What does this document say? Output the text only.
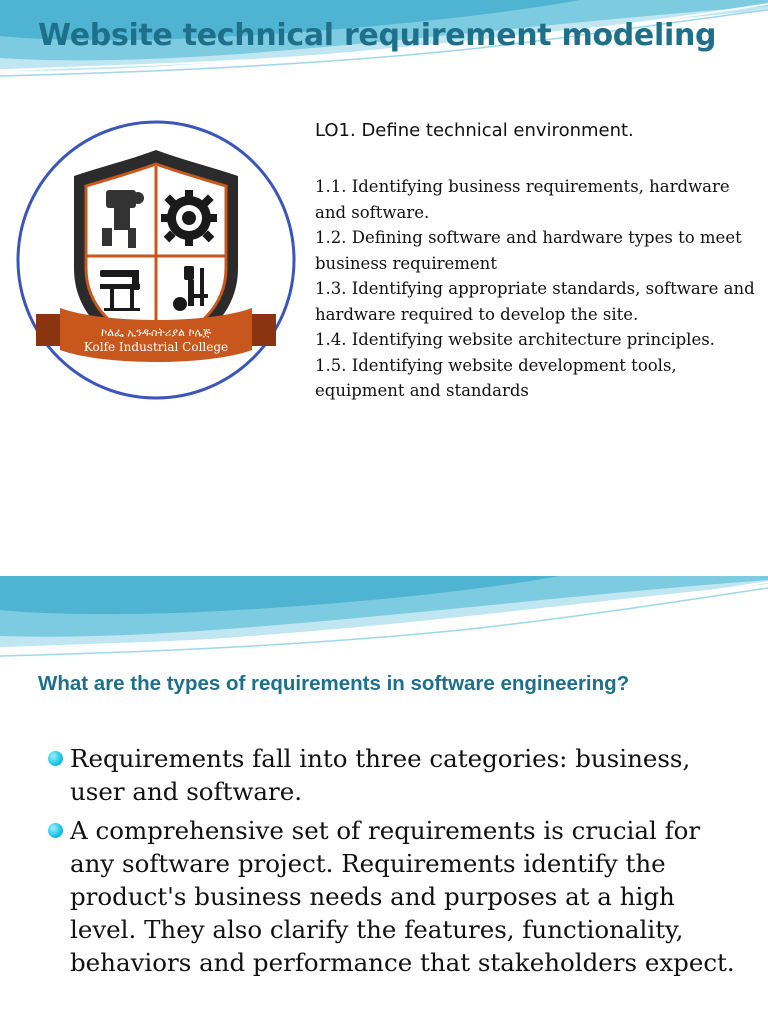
Website technical requirement modeling
ኮልፌ ኢንዱስትሪያል ኮሌጅ
Kolfe Industrial College
LO1. Define technical environment.
1.1. Identifying business requirements, hardware and software.
1.2. Defining software and hardware types to meet business requirement
1.3. Identifying appropriate standards, software and hardware required to develop the site.
1.4. Identifying website architecture principles.
1.5. Identifying website development tools, equipment and standards
What are the types of requirements in software engineering?
Requirements fall into three categories: business, user and software.
A comprehensive set of requirements is crucial for any software project. Requirements identify the product's business needs and purposes at a high level. They also clarify the features, functionality, behaviors and performance that stakeholders expect.
